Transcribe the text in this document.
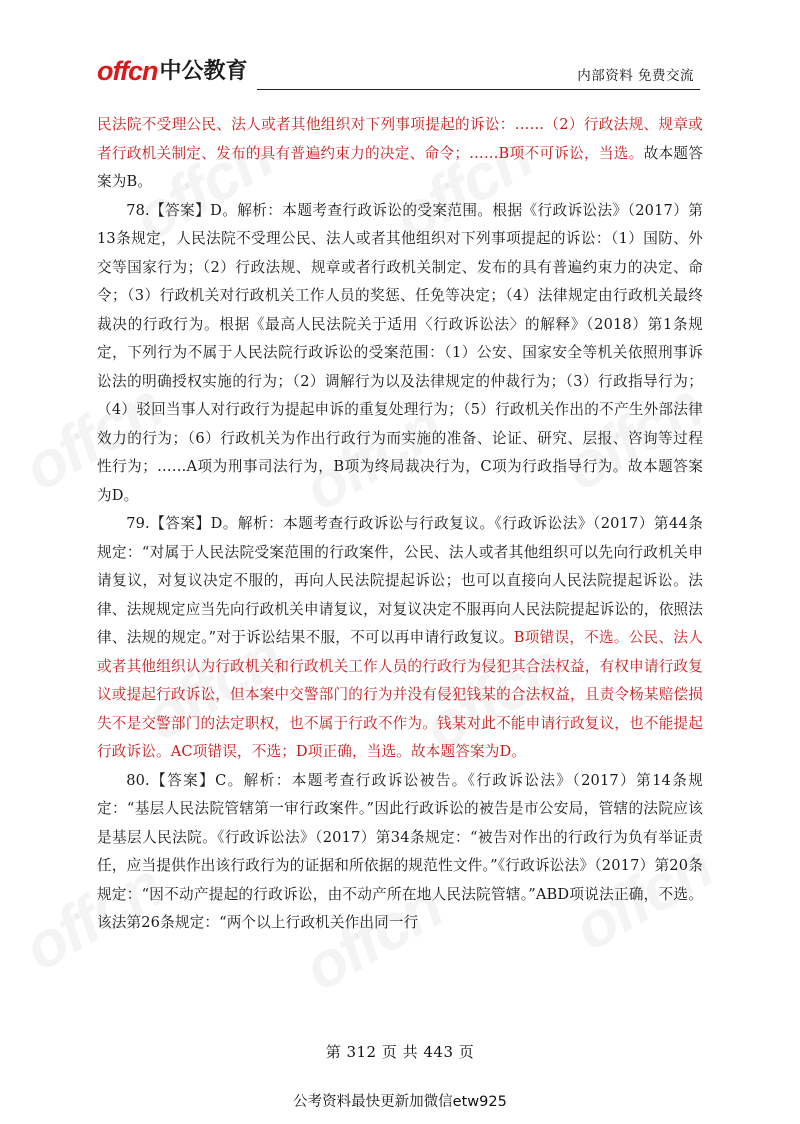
offcn 中公教育	内部资料 免费交流

民法院不受理公民、法人或者其他组织对下列事项提起的诉讼：……（2）行政法规、规章或者行政机关制定、发布的具有普遍约束力的决定、命令；……B项不可诉讼，当选。故本题答案为B。

78.【答案】D。解析：本题考查行政诉讼的受案范围。根据《行政诉讼法》（2017）第13条规定，人民法院不受理公民、法人或者其他组织对下列事项提起的诉讼：（1）国防、外交等国家行为；（2）行政法规、规章或者行政机关制定、发布的具有普遍约束力的决定、命令；（3）行政机关对行政机关工作人员的奖惩、任免等决定；（4）法律规定由行政机关最终裁决的行政行为。根据《最高人民法院关于适用〈行政诉讼法〉的解释》（2018）第1条规定，下列行为不属于人民法院行政诉讼的受案范围：（1）公安、国家安全等机关依照刑事诉讼法的明确授权实施的行为；（2）调解行为以及法律规定的仲裁行为；（3）行政指导行为；（4）驳回当事人对行政行为提起申诉的重复处理行为；（5）行政机关作出的不产生外部法律效力的行为；（6）行政机关为作出行政行为而实施的准备、论证、研究、层报、咨询等过程性行为；……A项为刑事司法行为，B项为终局裁决行为，C项为行政指导行为。故本题答案为D。

79.【答案】D。解析：本题考查行政诉讼与行政复议。《行政诉讼法》（2017）第44条规定：“对属于人民法院受案范围的行政案件，公民、法人或者其他组织可以先向行政机关申请复议，对复议决定不服的，再向人民法院提起诉讼；也可以直接向人民法院提起诉讼。法律、法规规定应当先向行政机关申请复议，对复议决定不服再向人民法院提起诉讼的，依照法律、法规的规定。”对于诉讼结果不服，不可以再申请行政复议。B项错误，不选。公民、法人或者其他组织认为行政机关和行政机关工作人员的行政行为侵犯其合法权益，有权申请行政复议或提起行政诉讼，但本案中交警部门的行为并没有侵犯钱某的合法权益，且责令杨某赔偿损失不是交警部门的法定职权，也不属于行政不作为。钱某对此不能申请行政复议，也不能提起行政诉讼。AC项错误，不选；D项正确，当选。故本题答案为D。

80.【答案】C。解析：本题考查行政诉讼被告。《行政诉讼法》（2017）第14条规定：“基层人民法院管辖第一审行政案件。”因此行政诉讼的被告是市公安局，管辖的法院应该是基层人民法院。《行政诉讼法》（2017）第34条规定：“被告对作出的行政行为负有举证责任，应当提供作出该行政行为的证据和所依据的规范性文件。”《行政诉讼法》（2017）第20条规定：“因不动产提起的行政诉讼，由不动产所在地人民法院管辖。”ABD项说法正确，不选。该法第26条规定：“两个以上行政机关作出同一行

第 312 页 共 443 页
公考资料最快更新加微信etw925
